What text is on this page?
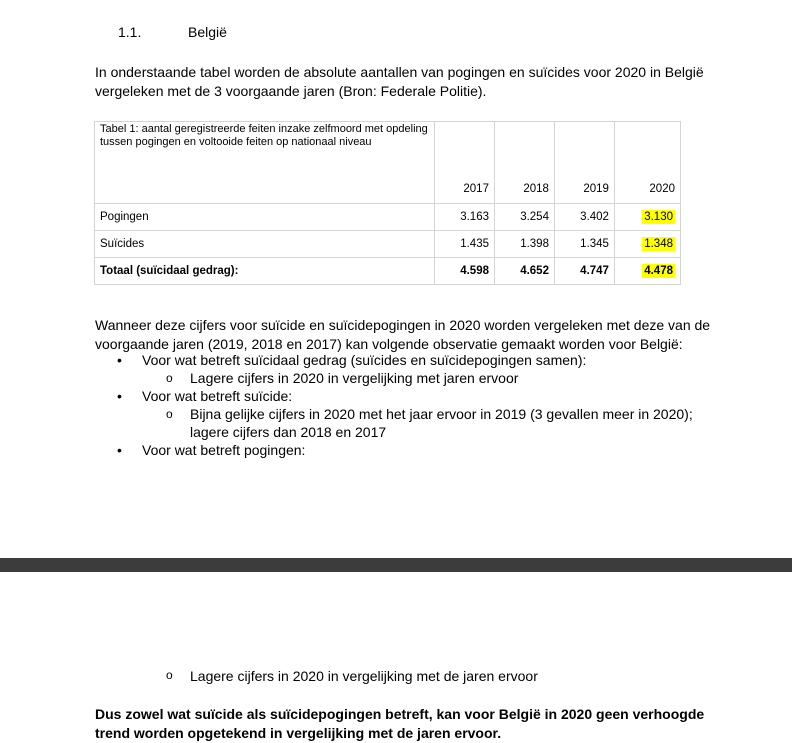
1.1.	België
In onderstaande tabel worden de absolute aantallen van pogingen en suïcides voor 2020 in België vergeleken met de 3 voorgaande jaren (Bron: Federale Politie).
Tabel 1: aantal geregistreerde feiten inzake zelfmoord met opdeling tussen pogingen en voltooide feiten op nationaal niveau	2017	2018	2019	2020
Pogingen	3.163	3.254	3.402	3.130
Suïcides	1.435	1.398	1.345	1.348
Totaal (suïcidaal gedrag):	4.598	4.652	4.747	4.478
Wanneer deze cijfers voor suïcide en suïcidepogingen in 2020 worden vergeleken met deze van de voorgaande jaren (2019, 2018 en 2017) kan volgende observatie gemaakt worden voor België:
• Voor wat betreft suïcidaal gedrag (suïcides en suïcidepogingen samen):
o Lagere cijfers in 2020 in vergelijking met jaren ervoor
• Voor wat betreft suïcide:
o Bijna gelijke cijfers in 2020 met het jaar ervoor in 2019 (3 gevallen meer in 2020); lagere cijfers dan 2018 en 2017
• Voor wat betreft pogingen:
o Lagere cijfers in 2020 in vergelijking met de jaren ervoor
Dus zowel wat suïcide als suïcidepogingen betreft, kan voor België in 2020 geen verhoogde trend worden opgetekend in vergelijking met de jaren ervoor.
